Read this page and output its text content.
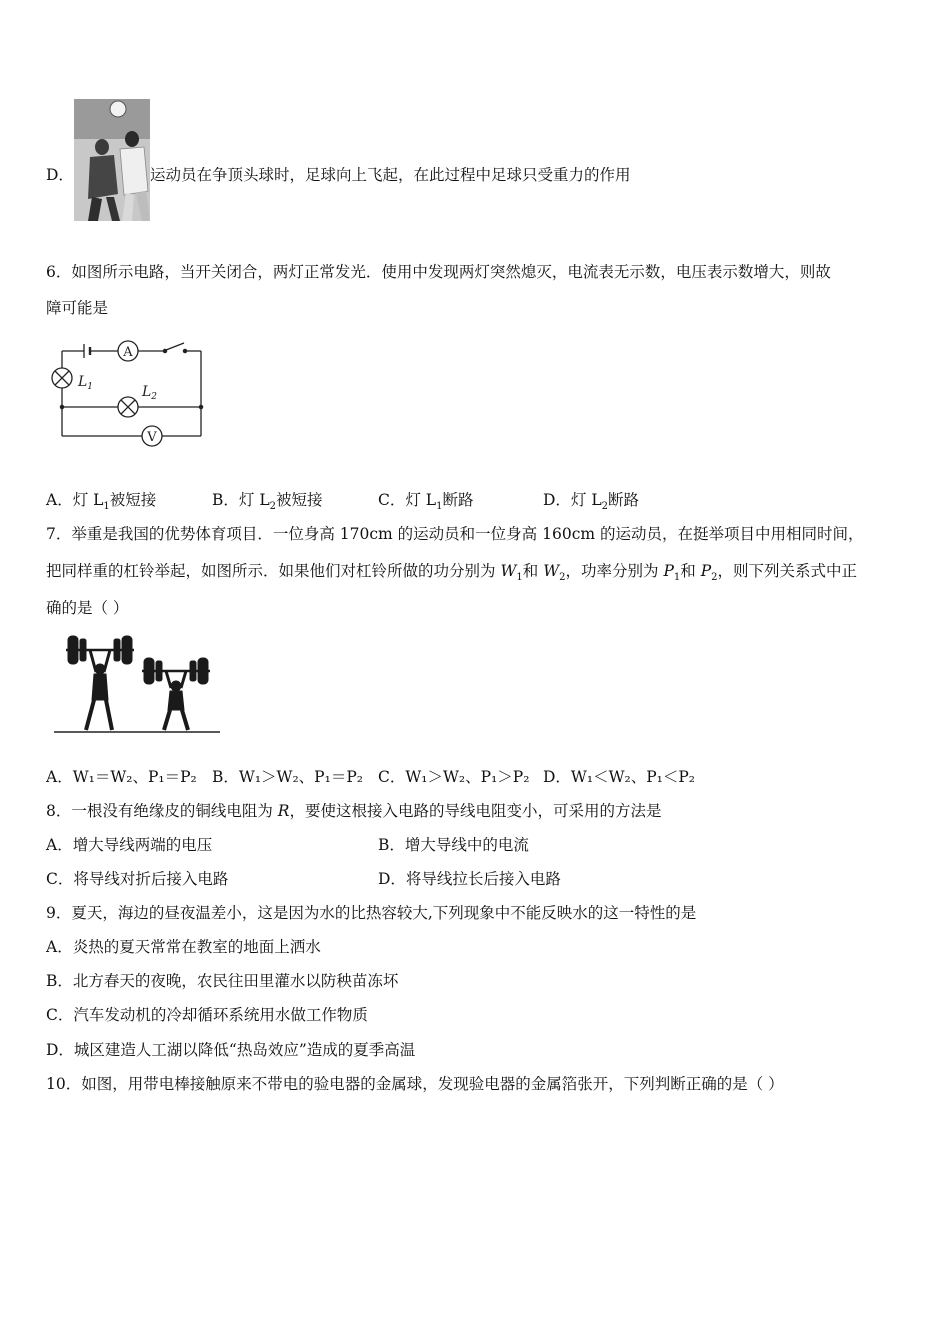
D．	运动员在争顶头球时，足球向上飞起，在此过程中足球只受重力的作用
6．如图所示电路，当开关闭合，两灯正常发光．使用中发现两灯突然熄灭，电流表无示数，电压表示数增大，则故
障可能是
A
V
$L_1$	$L_2$
A．灯 $L_1$被短接	B．灯 $L_2$被短接	C．灯 $L_1$断路	D．灯 $L_2$断路
7．举重是我国的优势体育项目．一位身高 170cm 的运动员和一位身高 160cm 的运动员，在挺举项目中用相同时间，
把同样重的杠铃举起，如图所示．如果他们对杠铃所做的功分别为 $W_1$和 $W_2$，功率分别为 $P_1$和 $P_2$，则下列关系式中正
确的是（ ）
A．W₁＝W₂、P₁＝P₂ B．W₁＞W₂、P₁＝P₂ C．W₁＞W₂、P₁＞P₂ D．W₁＜W₂、P₁＜P₂
8．一根没有绝缘皮的铜线电阻为 R，要使这根接入电路的导线电阻变小，可采用的方法是
A．增大导线两端的电压	B．增大导线中的电流
C．将导线对折后接入电路	D．将导线拉长后接入电路
9．夏天，海边的昼夜温差小，这是因为水的比热容较大,下列现象中不能反映水的这一特性的是
A．炎热的夏天常常在教室的地面上洒水
B．北方春天的夜晚，农民往田里灌水以防秧苗冻坏
C．汽车发动机的冷却循环系统用水做工作物质
D．城区建造人工湖以降低“热岛效应”造成的夏季高温
10．如图，用带电棒接触原来不带电的验电器的金属球，发现验电器的金属箔张开，下列判断正确的是（ ）
